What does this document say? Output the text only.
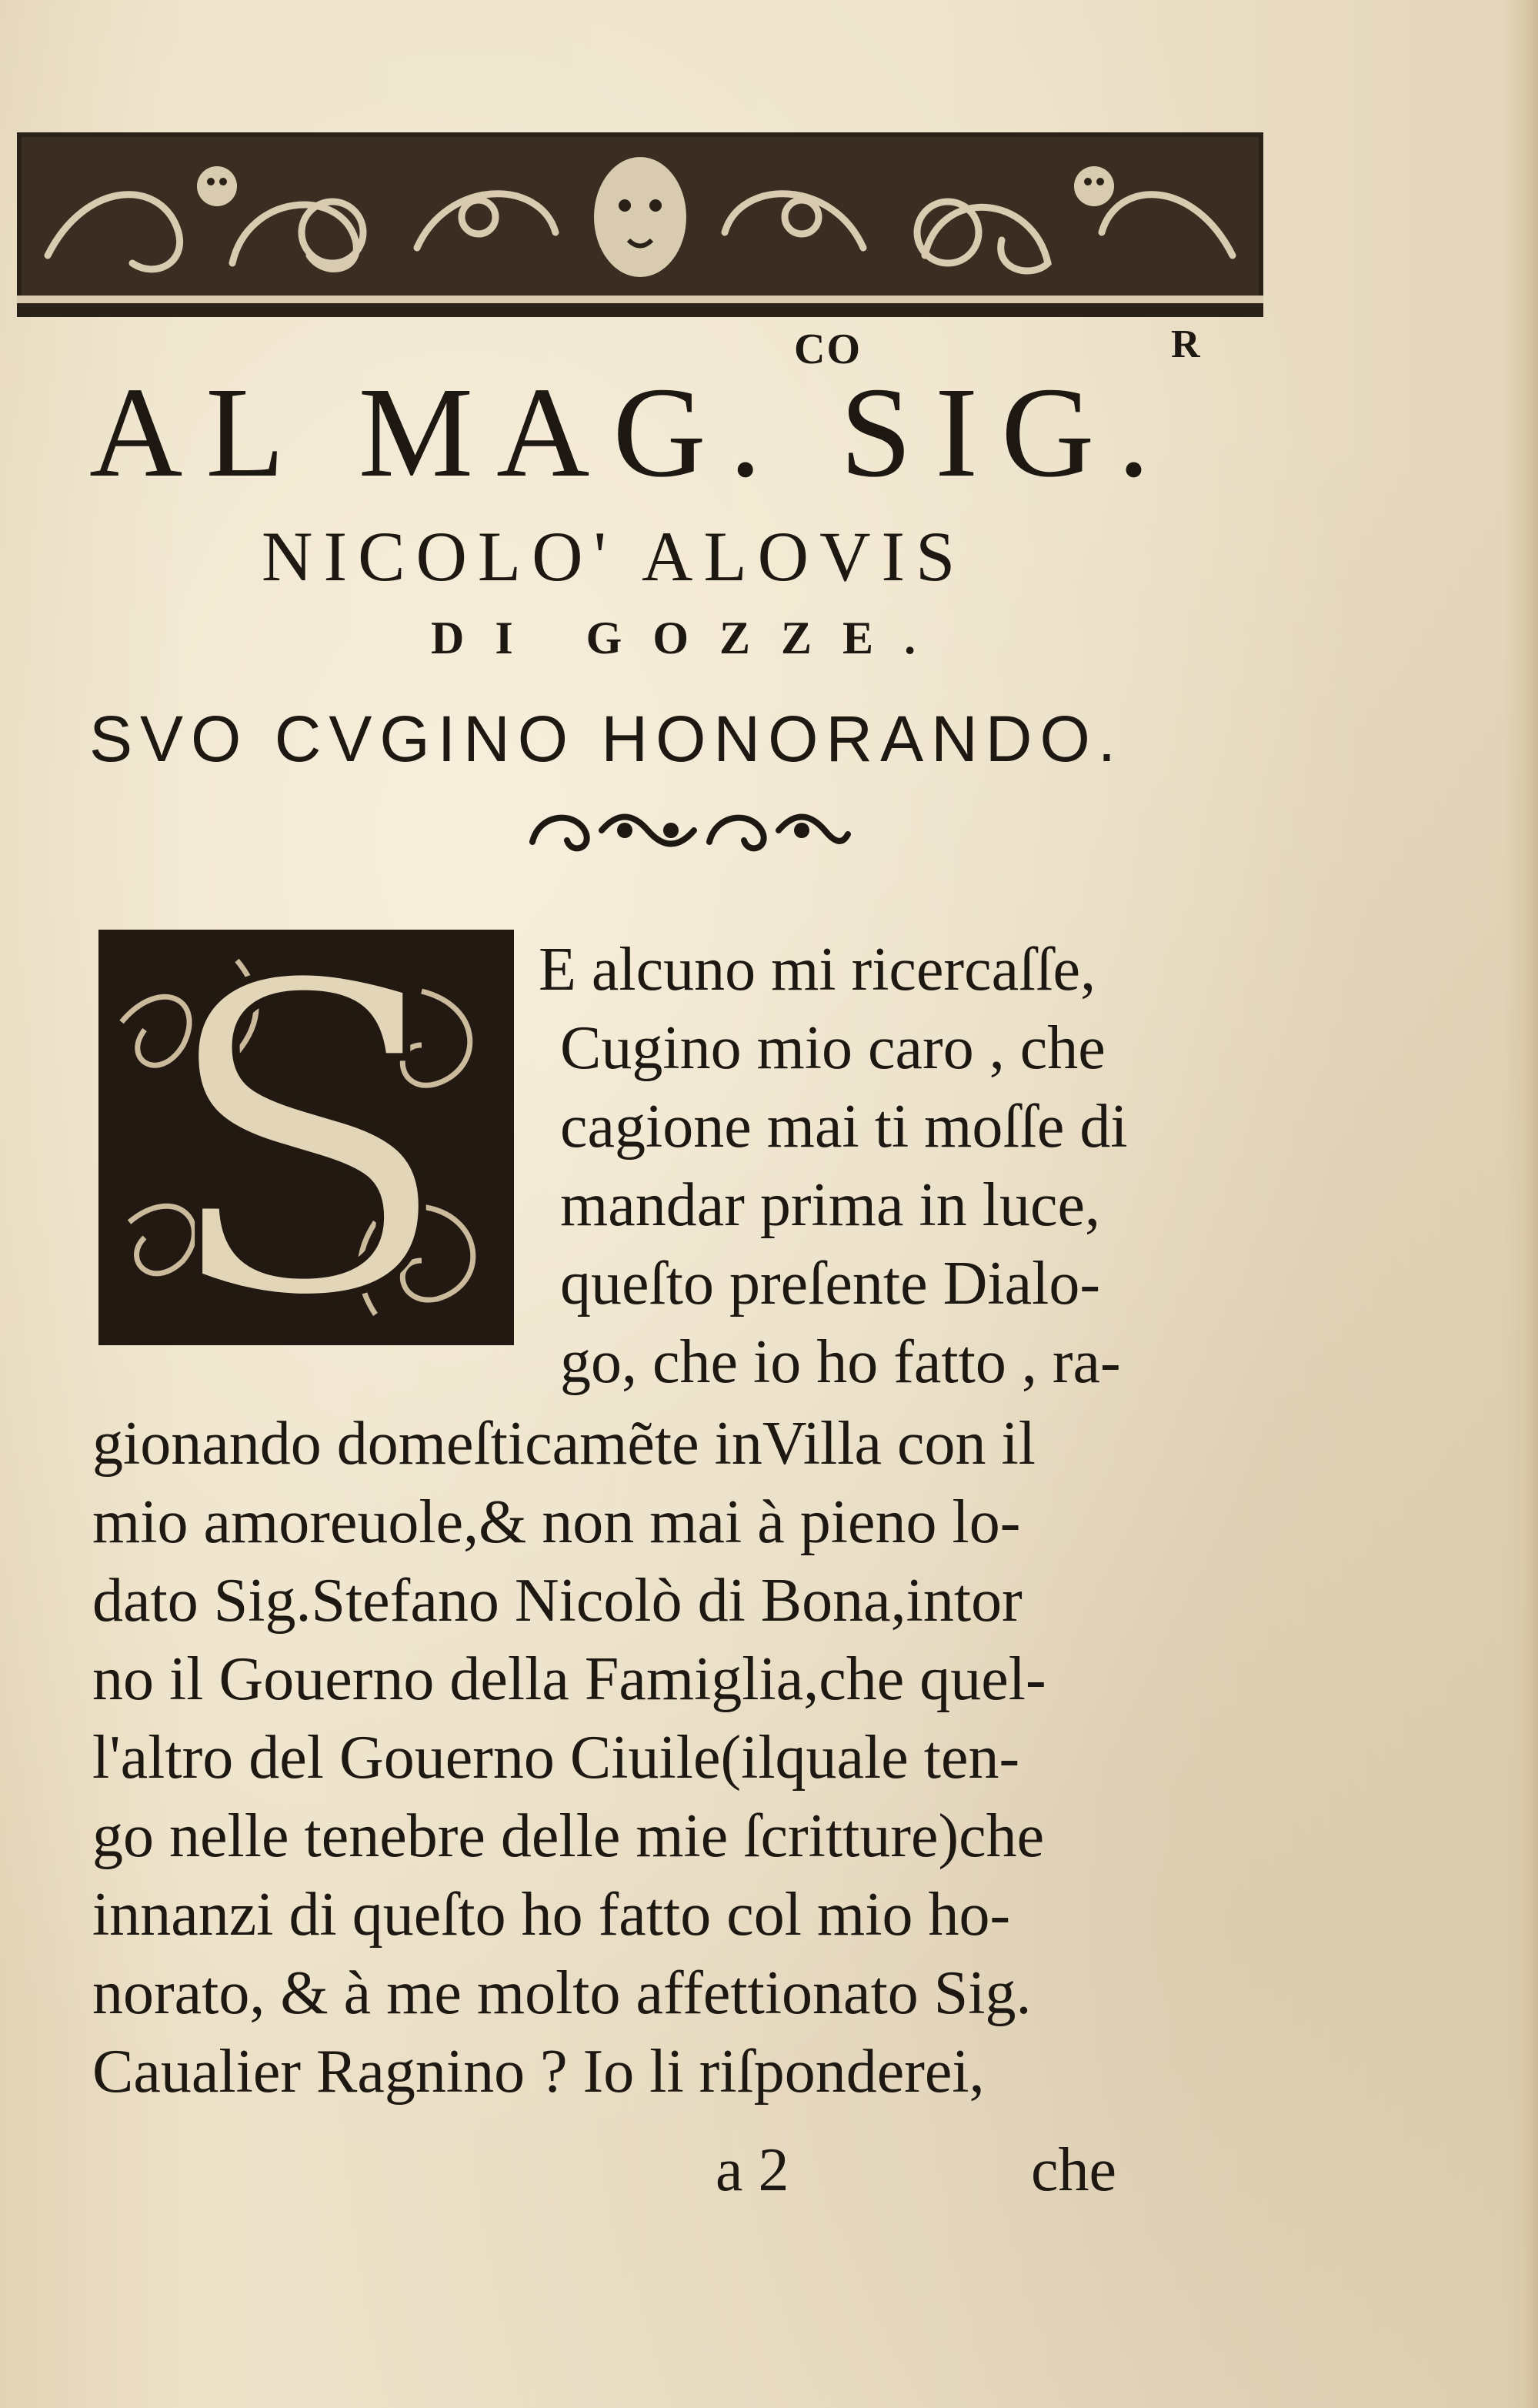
CO	R
AL MAG. SIG.
NICOLO' ALOVIS
DI GOZZE.
SVO CVGINO HONORANDO.
S E alcuno mi ricercaſſe,
Cugino mio caro , che
cagione mai ti moſſe di
mandar prima in luce,
queſto preſente Dialo-
go, che io ho fatto , ra-
gionando domeſticamẽte inVilla con il
mio amoreuole,& non mai à pieno lo-
dato Sig.Stefano Nicolò di Bona,intor
no il Gouerno della Famiglia,che quel-
l'altro del Gouerno Ciuile(ilquale ten-
go nelle tenebre delle mie ſcritture)che
innanzi di queſto ho fatto col mio ho-
norato, & à me molto affettionato Sig.
Caualier Ragnino ? Io li riſponderei,
a 2	che
